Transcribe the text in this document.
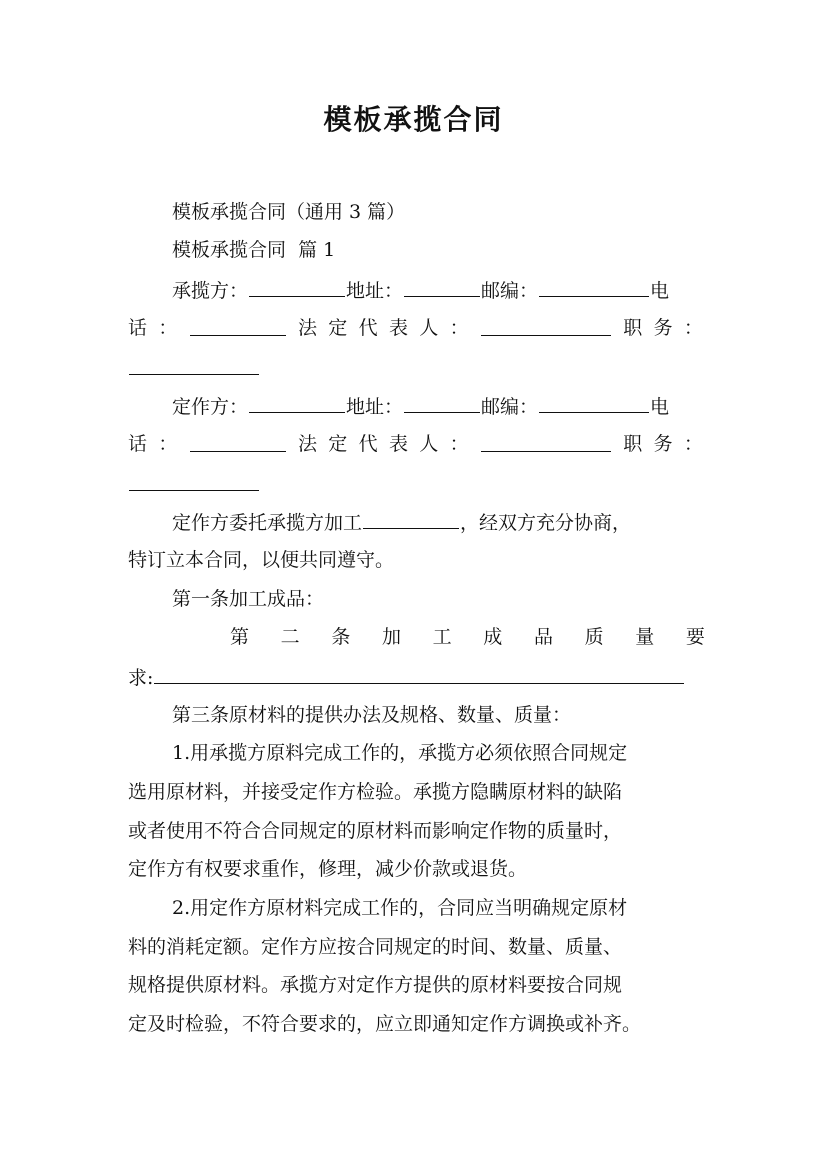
模板承揽合同
模板承揽合同（通用 3 篇）
模板承揽合同  篇 1
承揽方：	地址：	邮编：	电
话 ：	法 定 代 表 人 ：	职 务 ：
定作方：	地址：	邮编：	电
话 ：	法 定 代 表 人 ：	职 务 ：
定作方委托承揽方加工	，经双方充分协商，
特订立本合同，以便共同遵守。
第一条加工成品：
第 二 条 加 工 成 品 质 量 要
求:
第三条原材料的提供办法及规格、数量、质量：
1.用承揽方原料完成工作的，承揽方必须依照合同规定
选用原材料，并接受定作方检验。承揽方隐瞒原材料的缺陷
或者使用不符合合同规定的原材料而影响定作物的质量时，
定作方有权要求重作，修理，减少价款或退货。
2.用定作方原材料完成工作的，合同应当明确规定原材
料的消耗定额。定作方应按合同规定的时间、数量、质量、
规格提供原材料。承揽方对定作方提供的原材料要按合同规
定及时检验，不符合要求的，应立即通知定作方调换或补齐。
